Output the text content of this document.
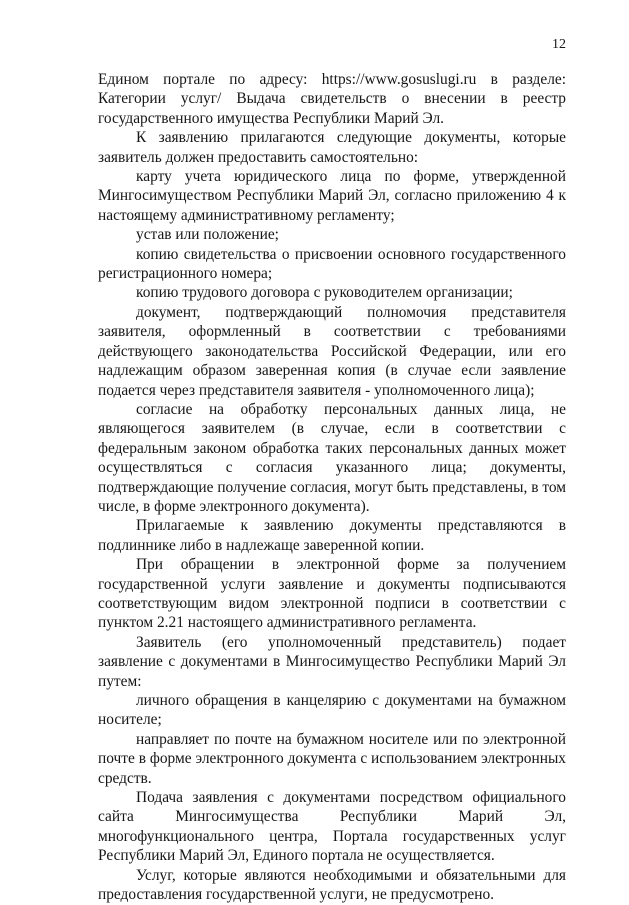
12

Едином портале по адресу: https://www.gosuslugi.ru в разделе: Категории услуг/ Выдача свидетельств о внесении в реестр государственного имущества Республики Марий Эл.

К заявлению прилагаются следующие документы, которые заявитель должен предоставить самостоятельно:

карту учета юридического лица по форме, утвержденной Мингосимуществом Республики Марий Эл, согласно приложению 4 к настоящему административному регламенту;

устав или положение;

копию свидетельства о присвоении основного государственного регистрационного номера;

копию трудового договора с руководителем организации;

документ, подтверждающий полномочия представителя заявителя, оформленный в соответствии с требованиями действующего законодательства Российской Федерации, или его надлежащим образом заверенная копия (в случае если заявление подается через представителя заявителя - уполномоченного лица);

согласие на обработку персональных данных лица, не являющегося заявителем (в случае, если в соответствии с федеральным законом обработка таких персональных данных может осуществляться с согласия указанного лица; документы, подтверждающие получение согласия, могут быть представлены, в том числе, в форме электронного документа).

Прилагаемые к заявлению документы представляются в подлиннике либо в надлежаще заверенной копии.

При обращении в электронной форме за получением государственной услуги заявление и документы подписываются соответствующим видом электронной подписи в соответствии с пунктом 2.21 настоящего административного регламента.

Заявитель (его уполномоченный представитель) подает заявление с документами в Мингосимущество Республики Марий Эл путем:

личного обращения в канцелярию с документами на бумажном носителе;

направляет по почте на бумажном носителе или по электронной почте в форме электронного документа с использованием электронных средств.

Подача заявления с документами посредством официального сайта Мингосимущества Республики Марий Эл, многофункционального центра, Портала государственных услуг Республики Марий Эл, Единого портала не осуществляется.

Услуг, которые являются необходимыми и обязательными для предоставления государственной услуги, не предусмотрено.
